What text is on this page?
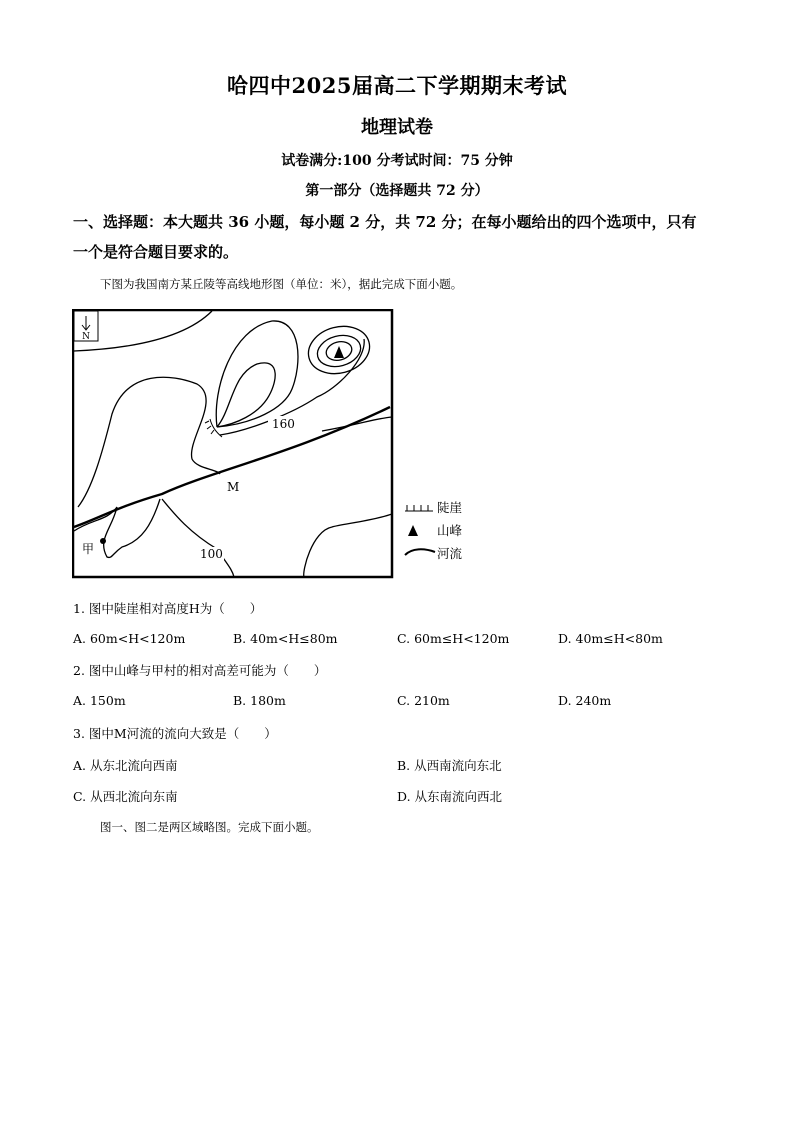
哈四中2025届高二下学期期末考试
地理试卷
试卷满分:100 分考试时间：75 分钟
第一部分（选择题共 72 分）
一、选择题：本大题共 36 小题，每小题 2 分，共 72 分；在每小题给出的四个选项中，只有
一个是符合题目要求的。
下图为我国南方某丘陵等高线地形图（单位：米），据此完成下面小题。
N
160
M
100
甲
陡崖
山峰
河流
1. 图中陡崖相对高度H为（　　）
A. 60m<H<120m	B. 40m<H≤80m	C. 60m≤H<120m	D. 40m≤H<80m
2. 图中山峰与甲村的相对高差可能为（　　）
A. 150m	B. 180m	C. 210m	D. 240m
3. 图中M河流的流向大致是（　　）
A. 从东北流向西南	B. 从西南流向东北
C. 从西北流向东南	D. 从东南流向西北
图一、图二是两区域略图。完成下面小题。
